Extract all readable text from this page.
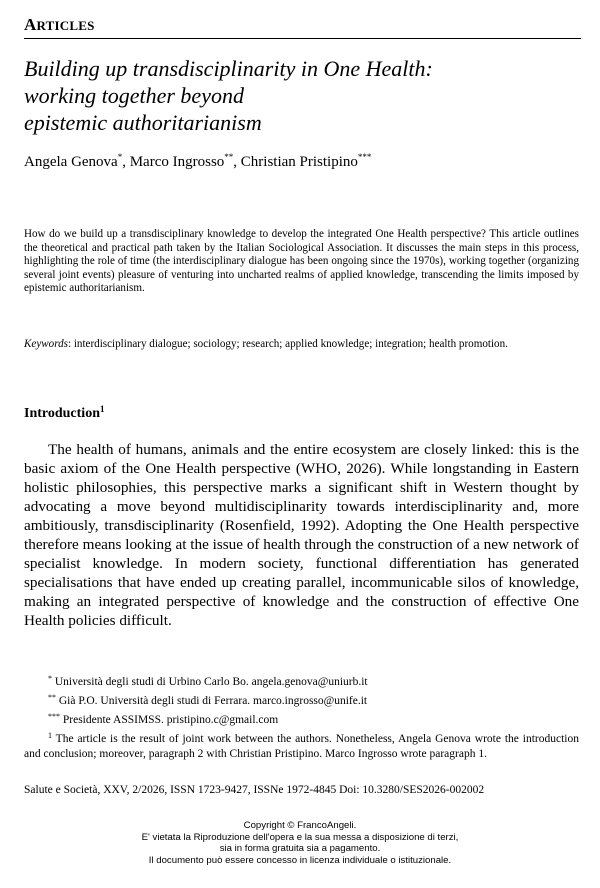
ARTICLES
Building up transdisciplinarity in One Health:
working together beyond
epistemic authoritarianism
Angela Genova*, Marco Ingrosso**, Christian Pristipino***
How do we build up a transdisciplinary knowledge to develop the integrated One Health perspective? This article outlines the theoretical and practical path taken by the Italian Sociological Association. It discusses the main steps in this process, highlighting the role of time (the interdisciplinary dialogue has been ongoing since the 1970s), working together (organizing several joint events) pleasure of venturing into uncharted realms of applied knowledge, transcending the limits imposed by epistemic authoritarianism.
Keywords: interdisciplinary dialogue; sociology; research; applied knowledge; integration; health promotion.
Introduction$^1$
The health of humans, animals and the entire ecosystem are closely linked: this is the basic axiom of the One Health perspective (WHO, 2026). While longstanding in Eastern holistic philosophies, this perspective marks a significant shift in Western thought by advocating a move beyond multidisciplinarity towards interdisciplinarity and, more ambitiously, transdisciplinarity (Rosenfield, 1992). Adopting the One Health perspective therefore means looking at the issue of health through the construction of a new network of specialist knowledge. In modern society, functional differentiation has generated specialisations that have ended up creating parallel, incommunicable silos of knowledge, making an integrated perspective of knowledge and the construction of effective One Health policies difficult.
* Università degli studi di Urbino Carlo Bo. angela.genova@uniurb.it
** Già P.O. Università degli studi di Ferrara. marco.ingrosso@unife.it
*** Presidente ASSIMSS. pristipino.c@gmail.com
$^1$ The article is the result of joint work between the authors. Nonetheless, Angela Genova wrote the introduction and conclusion; moreover, paragraph 2 with Christian Pristipino. Marco Ingrosso wrote paragraph 1.
Salute e Società, XXV, 2/2026, ISSN 1723-9427, ISSNe 1972-4845 Doi: 10.3280/SES2026-002002
Copyright © FrancoAngeli.
E' vietata la Riproduzione dell'opera e la sua messa a disposizione di terzi,
sia in forma gratuita sia a pagamento.
Il documento può essere concesso in licenza individuale o istituzionale.
